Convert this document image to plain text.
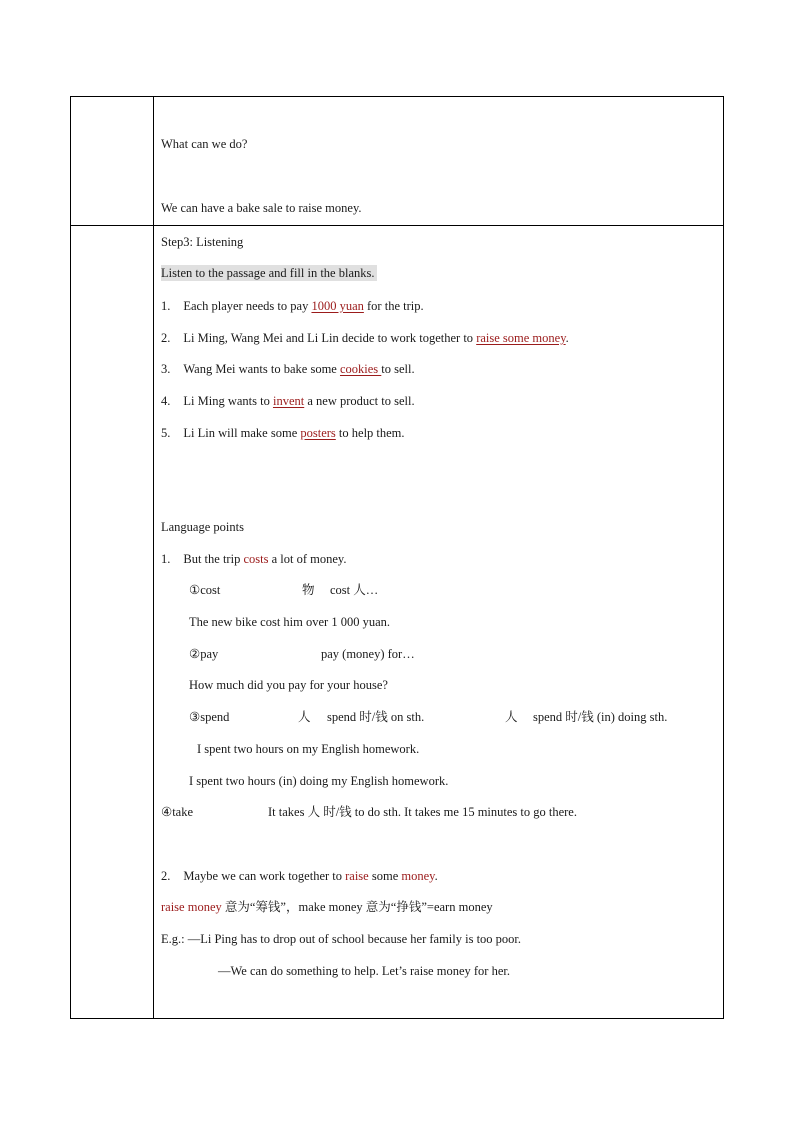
What can we do?
We can have a bake sale to raise money.
Step3: Listening
Listen to the passage and fill in the blanks.
1. Each player needs to pay 1000 yuan for the trip.
2. Li Ming, Wang Mei and Li Lin decide to work together to raise some money.
3. Wang Mei wants to bake some cookies to sell.
4. Li Ming wants to invent a new product to sell.
5. Li Lin will make some posters to help them.
Language points
1. But the trip costs a lot of money.
①cost	物 cost 人…
The new bike cost him over 1 000 yuan.
②pay	pay (money) for…
How much did you pay for your house?
③spend	人 spend 时/钱 on sth.	人 spend 时/钱 (in) doing sth.
I spent two hours on my English homework.
I spent two hours (in) doing my English homework.
④take	It takes 人 时/钱 to do sth. It takes me 15 minutes to go there.
2. Maybe we can work together to raise some money.
raise money 意为“筹钱”，make money 意为“挣钱”=earn money
E.g.: —Li Ping has to drop out of school because her family is too poor.
—We can do something to help. Let’s raise money for her.
